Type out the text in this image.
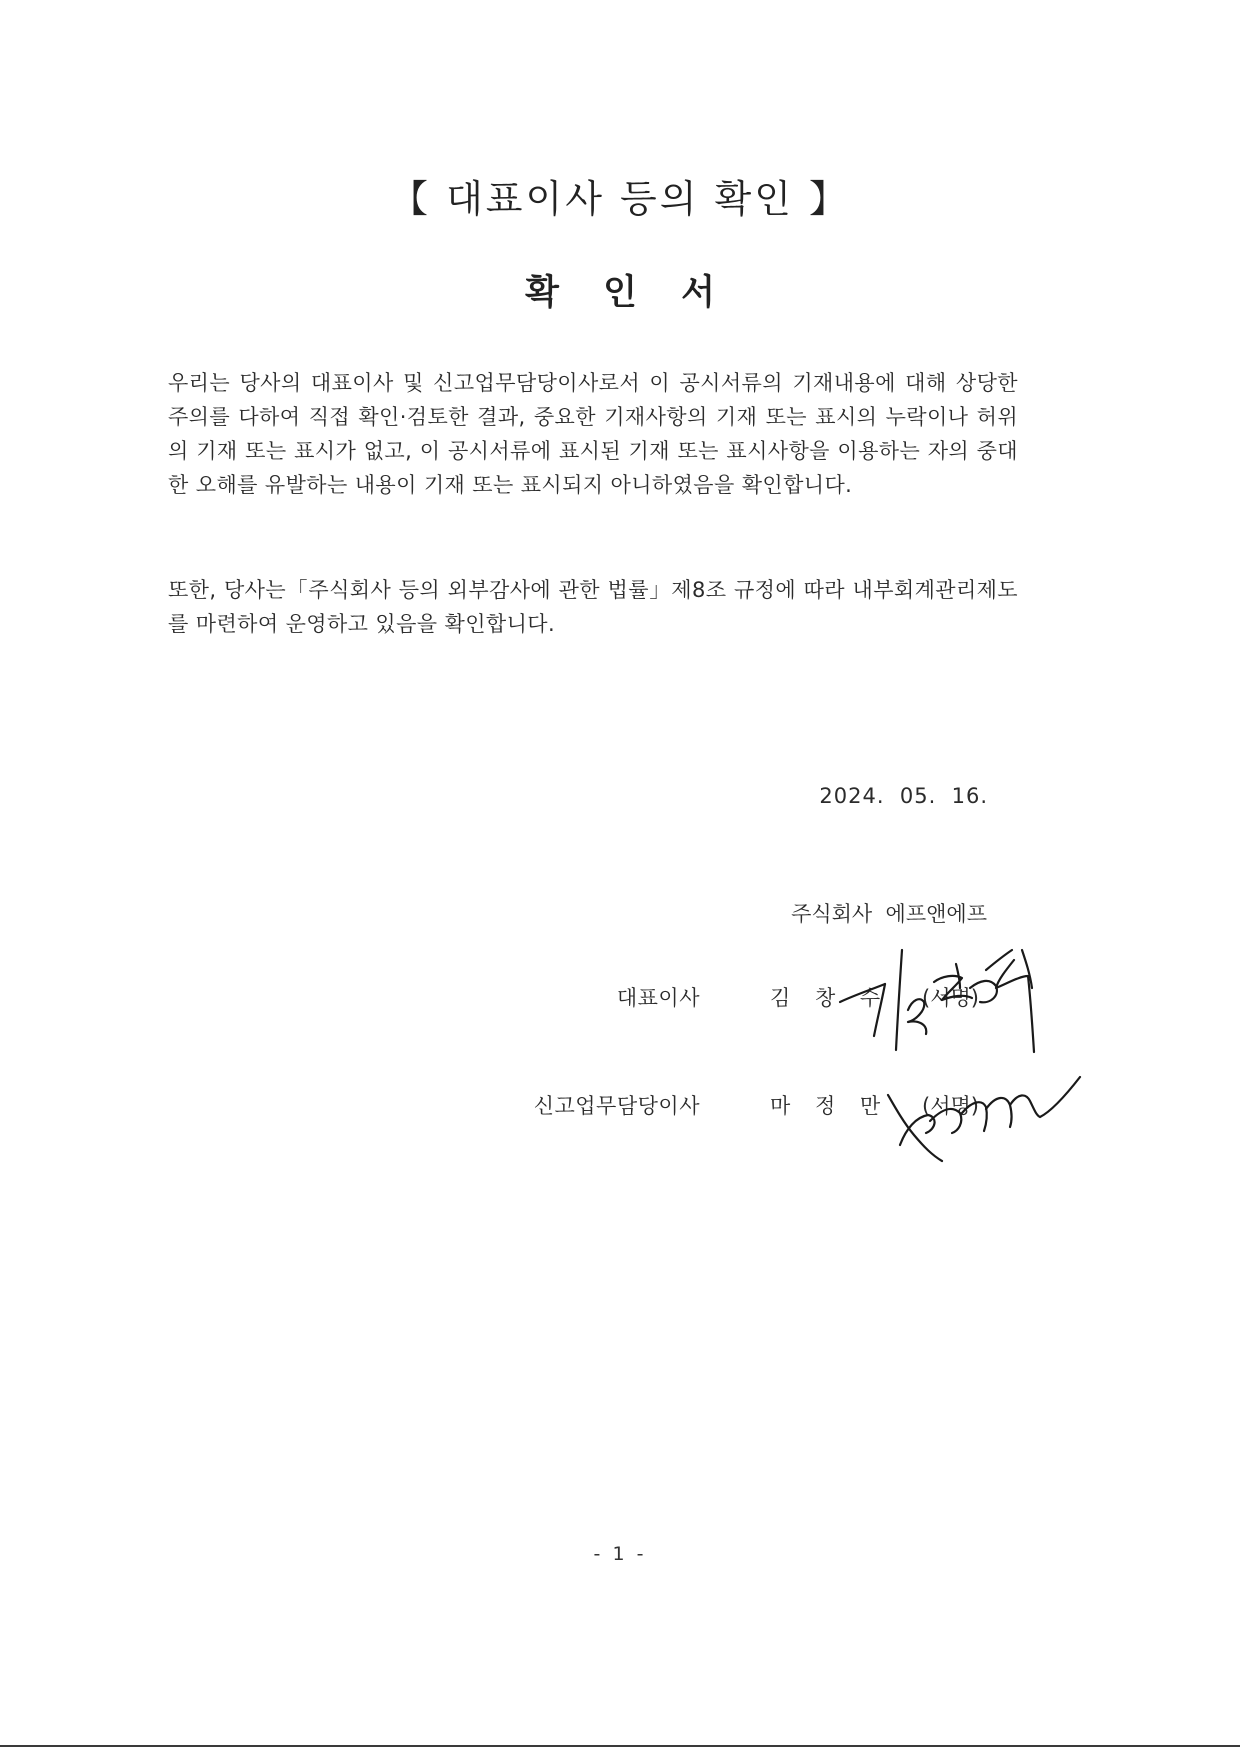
【 대표이사 등의 확인 】
확 인 서

우리는 당사의 대표이사 및 신고업무담당이사로서 이 공시서류의 기재내용에 대해 상당한 주의를 다하여 직접 확인·검토한 결과, 중요한 기재사항의 기재 또는 표시의 누락이나 허위의 기재 또는 표시가 없고, 이 공시서류에 표시된 기재 또는 표시사항을 이용하는 자의 중대한 오해를 유발하는 내용이 기재 또는 표시되지 아니하였음을 확인합니다.

또한, 당사는「주식회사 등의 외부감사에 관한 법률」제8조 규정에 따라 내부회계관리제도를 마련하여 운영하고 있음을 확인합니다.

2024.  05.  16.
주식회사  에프앤에프
대표이사	김 창 수 (서명)
신고업무담당이사	마 정 만 (서명)
- 1 -
